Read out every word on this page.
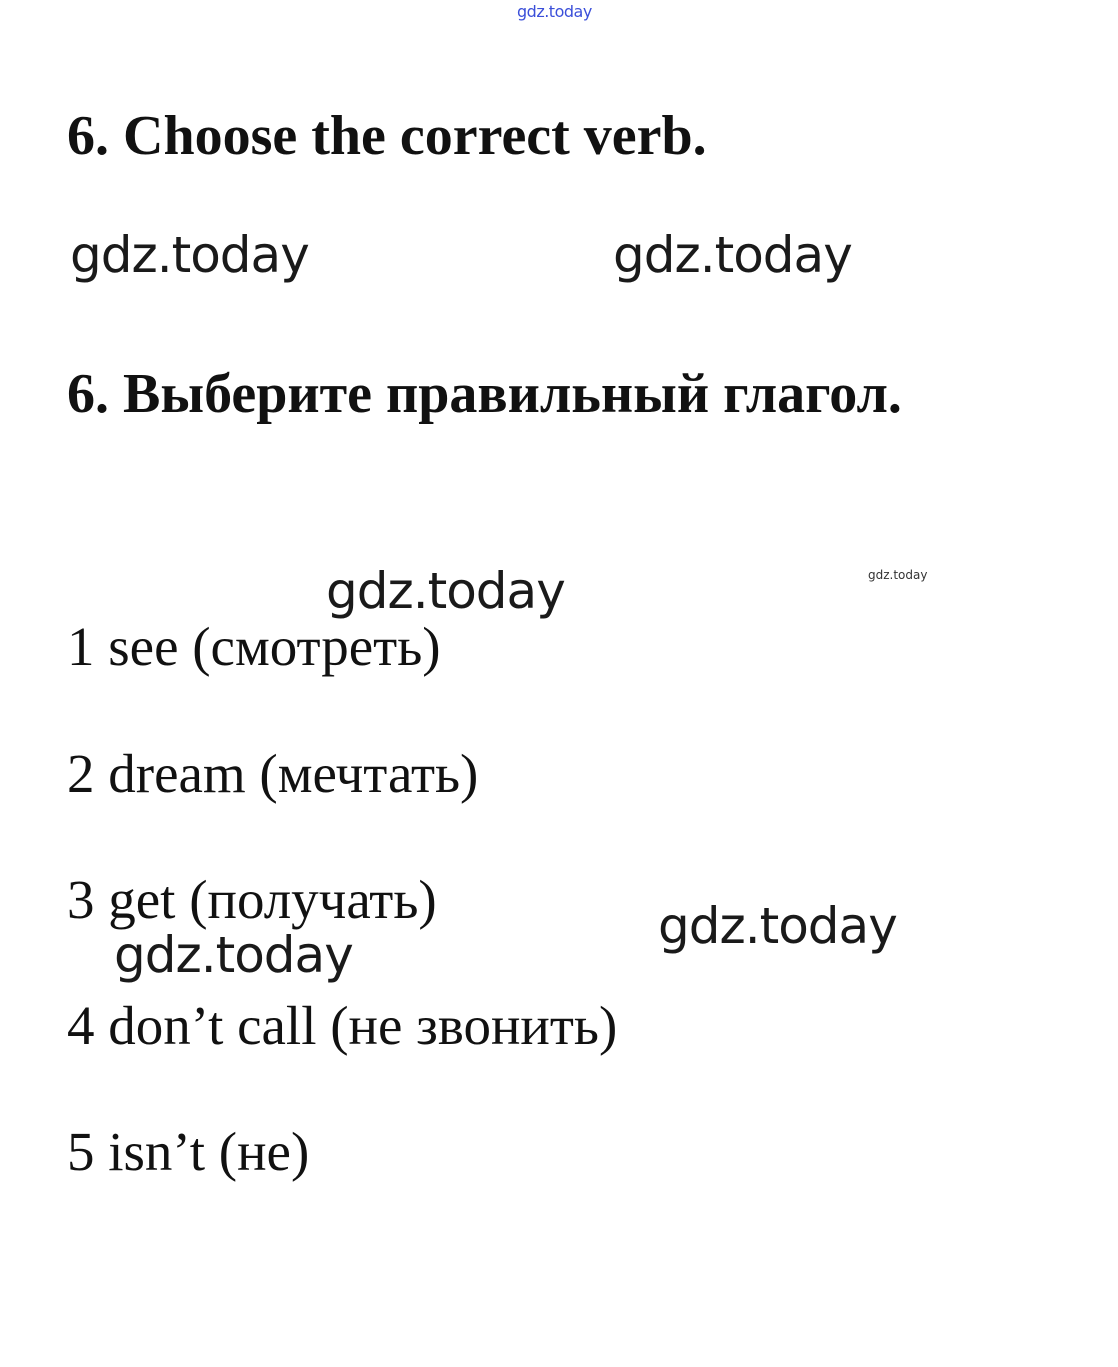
gdz.today
6. Choose the correct verb.
gdz.today	gdz.today
6. Выберите правильный глагол.
gdz.today
gdz.today

1 see (смотреть)

2 dream (мечтать)

3 get (получать)	gdz.today
gdz.today

4 don’t call (не звонить)

5 isn’t (не)
